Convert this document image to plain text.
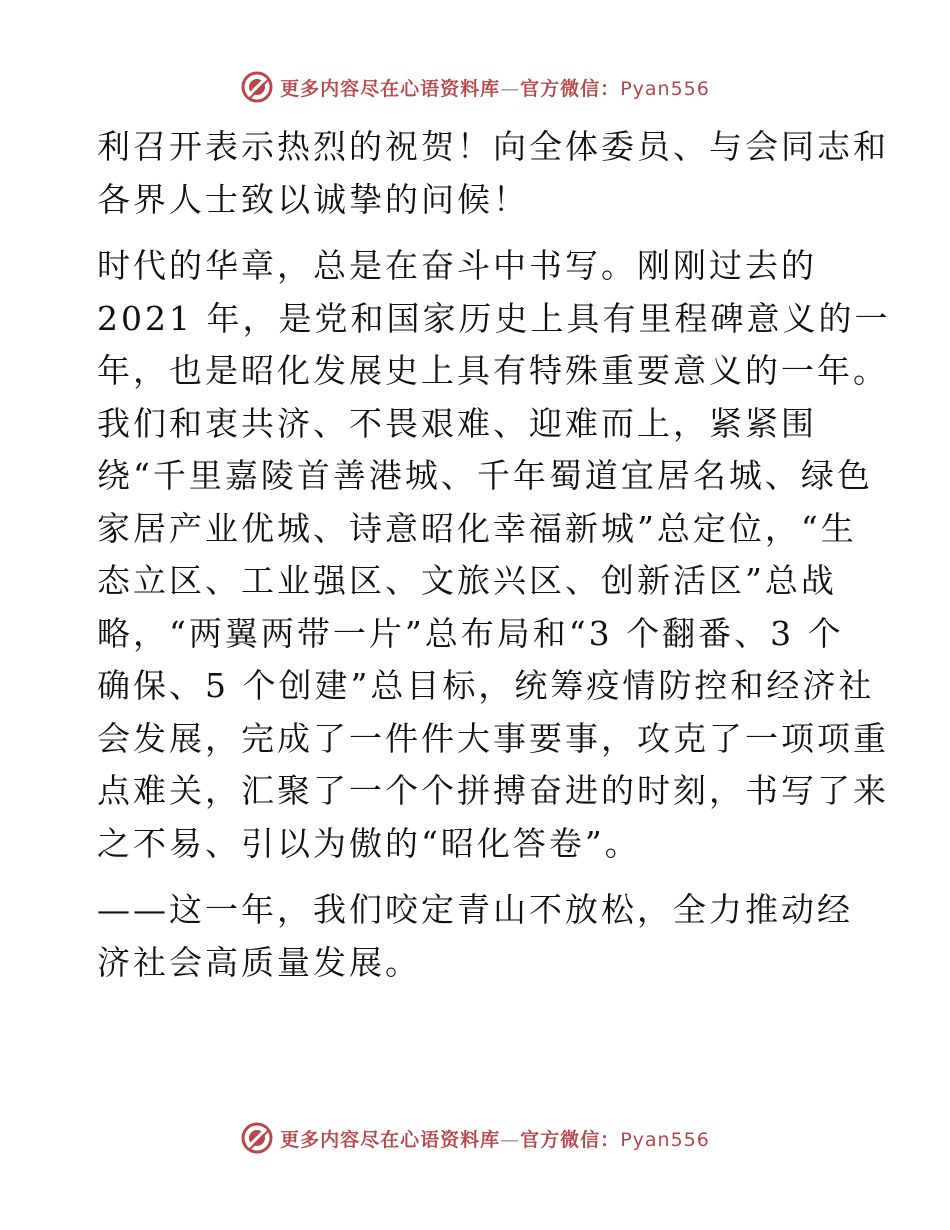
更多内容尽在心语资料库—官方微信：Pyan556
利召开表示热烈的祝贺！向全体委员、与会同志和
各界人士致以诚挚的问候！
时代的华章，总是在奋斗中书写。刚刚过去的
2021 年，是党和国家历史上具有里程碑意义的一
年，也是昭化发展史上具有特殊重要意义的一年。
我们和衷共济、不畏艰难、迎难而上，紧紧围
绕“千里嘉陵首善港城、千年蜀道宜居名城、绿色
家居产业优城、诗意昭化幸福新城”总定位，“生
态立区、工业强区、文旅兴区、创新活区”总战
略，“两翼两带一片”总布局和“3 个翻番、3 个
确保、5 个创建”总目标，统筹疫情防控和经济社
会发展，完成了一件件大事要事，攻克了一项项重
点难关，汇聚了一个个拼搏奋进的时刻，书写了来
之不易、引以为傲的“昭化答卷”。
——这一年，我们咬定青山不放松，全力推动经
济社会高质量发展。
更多内容尽在心语资料库—官方微信：Pyan556
